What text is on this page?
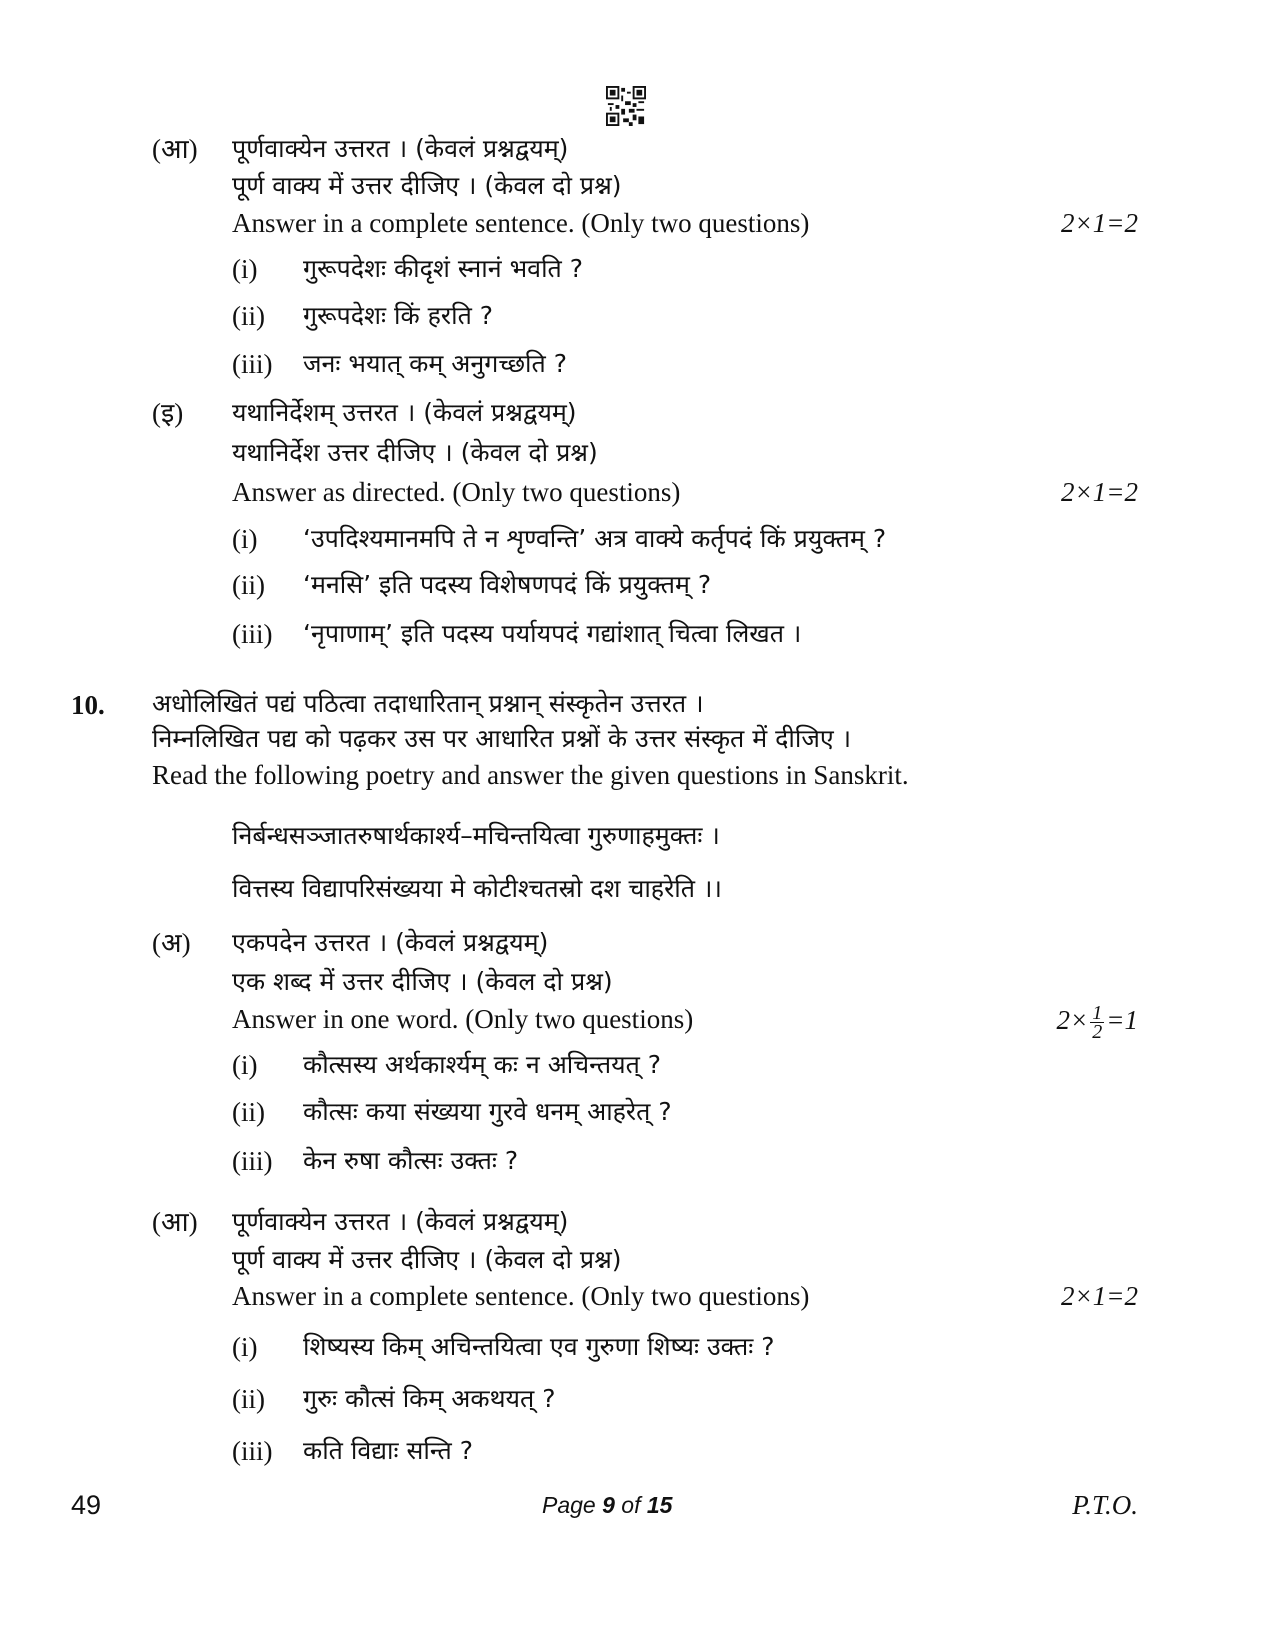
(आ) पूर्णवाक्येन उत्तरत । (केवलं प्रश्नद्वयम्)
पूर्ण वाक्य में उत्तर दीजिए । (केवल दो प्रश्न)
Answer in a complete sentence. (Only two questions)	2×1=2
(i) गुरूपदेशः कीदृशं स्नानं भवति ?
(ii) गुरूपदेशः किं हरति ?
(iii) जनः भयात् कम् अनुगच्छति ?
(इ) यथानिर्देशम् उत्तरत । (केवलं प्रश्नद्वयम्)
यथानिर्देश उत्तर दीजिए । (केवल दो प्रश्न)
Answer as directed. (Only two questions)	2×1=2
(i) ‘उपदिश्यमानमपि ते न शृण्वन्ति’ अत्र वाक्ये कर्तृपदं किं प्रयुक्तम् ?
(ii) ‘मनसि’ इति पदस्य विशेषणपदं किं प्रयुक्तम् ?
(iii) ‘नृपाणाम्’ इति पदस्य पर्यायपदं गद्यांशात् चित्वा लिखत ।
10. अधोलिखितं पद्यं पठित्वा तदाधारितान् प्रश्नान् संस्कृतेन उत्तरत ।
निम्नलिखित पद्य को पढ़कर उस पर आधारित प्रश्नों के उत्तर संस्कृत में दीजिए ।
Read the following poetry and answer the given questions in Sanskrit.
निर्बन्धसञ्जातरुषार्थकार्श्य–मचिन्तयित्वा गुरुणाहमुक्तः ।
वित्तस्य विद्यापरिसंख्यया मे कोटीश्चतस्रो दश चाहरेति ।।
(अ) एकपदेन उत्तरत । (केवलं प्रश्नद्वयम्)
एक शब्द में उत्तर दीजिए । (केवल दो प्रश्न)
Answer in one word. (Only two questions)	$2\times \frac{1}{2} =1$
(i) कौत्सस्य अर्थकार्श्यम् कः न अचिन्तयत् ?
(ii) कौत्सः कया संख्यया गुरवे धनम् आहरेत् ?
(iii) केन रुषा कौत्सः उक्तः ?
(आ) पूर्णवाक्येन उत्तरत । (केवलं प्रश्नद्वयम्)
पूर्ण वाक्य में उत्तर दीजिए । (केवल दो प्रश्न)
Answer in a complete sentence. (Only two questions)	2×1=2
(i) शिष्यस्य किम् अचिन्तयित्वा एव गुरुणा शिष्यः उक्तः ?
(ii) गुरुः कौत्सं किम् अकथयत् ?
(iii) कति विद्याः सन्ति ?
49	Page 9 of 15	P.T.O.
